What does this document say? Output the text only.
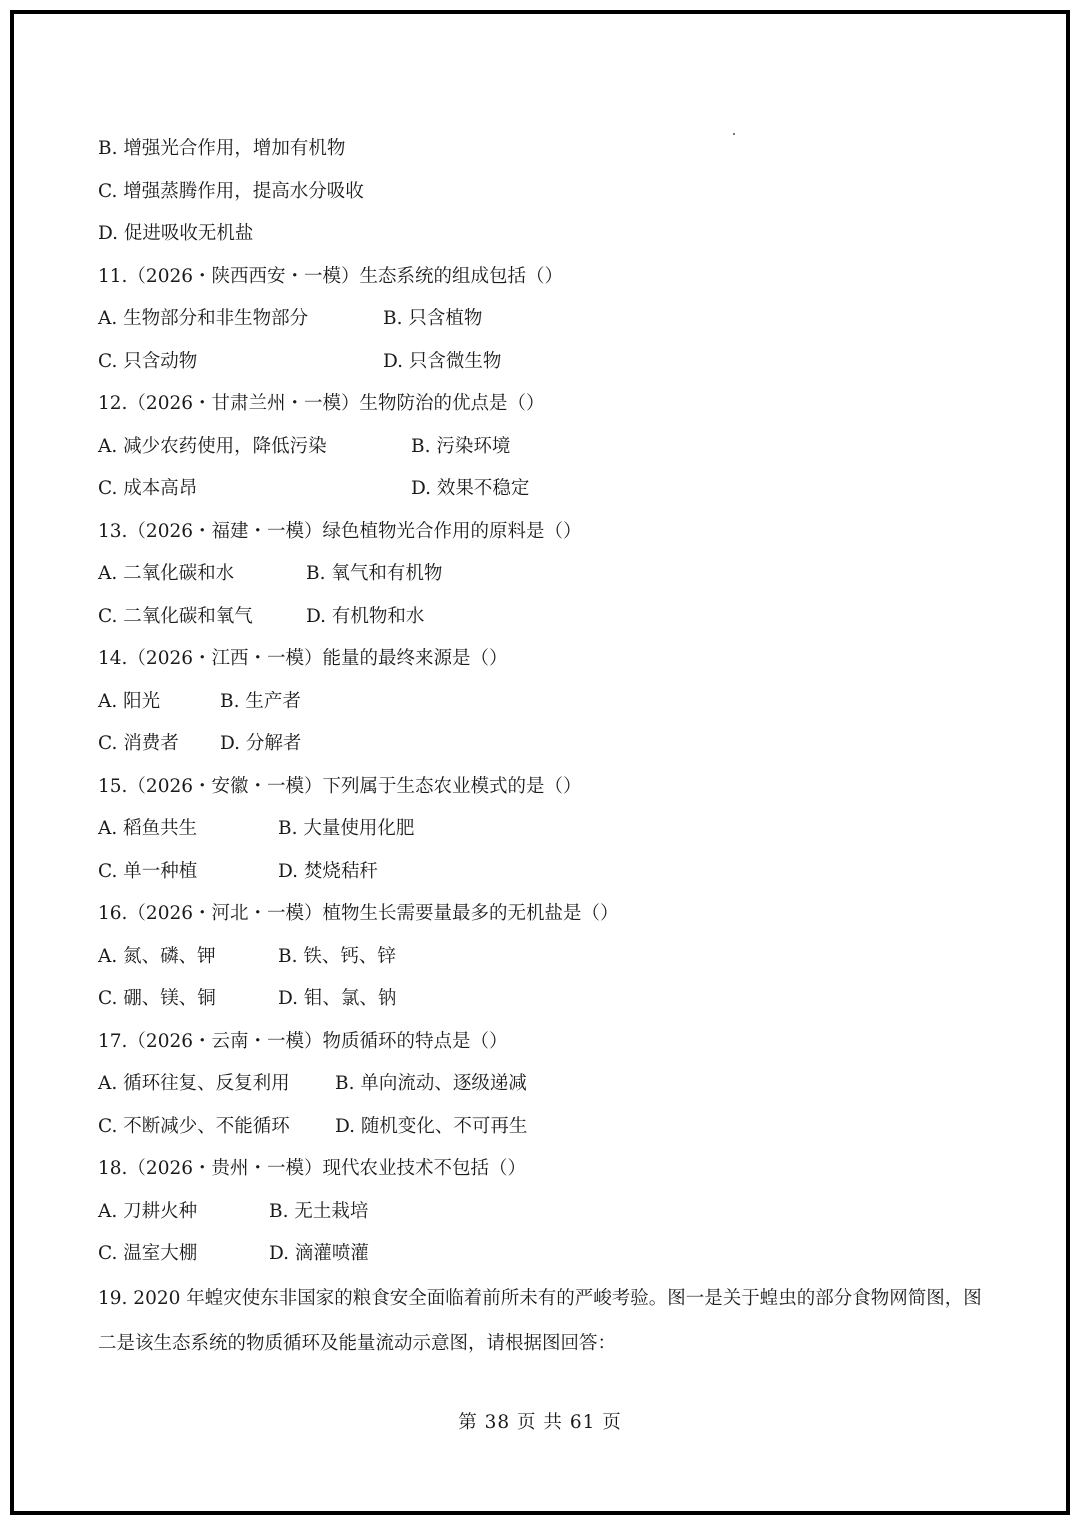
B. 增强光合作用，增加有机物
C. 增强蒸腾作用，提高水分吸收
D. 促进吸收无机盐
11.（2026・陕西西安・一模）生态系统的组成包括（）
A. 生物部分和非生物部分	B. 只含植物
C. 只含动物	D. 只含微生物
12.（2026・甘肃兰州・一模）生物防治的优点是（）
A. 减少农药使用，降低污染	B. 污染环境
C. 成本高昂	D. 效果不稳定
13.（2026・福建・一模）绿色植物光合作用的原料是（）
A. 二氧化碳和水	B. 氧气和有机物
C. 二氧化碳和氧气	D. 有机物和水
14.（2026・江西・一模）能量的最终来源是（）
A. 阳光	B. 生产者
C. 消费者 D. 分解者
15.（2026・安徽・一模）下列属于生态农业模式的是（）
A. 稻鱼共生	B. 大量使用化肥
C. 单一种植	D. 焚烧秸秆
16.（2026・河北・一模）植物生长需要量最多的无机盐是（）
A. 氮、磷、钾	B. 铁、钙、锌
C. 硼、镁、铜	D. 钼、氯、钠
17.（2026・云南・一模）物质循环的特点是（）
A. 循环往复、反复利用 B. 单向流动、逐级递减
C. 不断减少、不能循环 D. 随机变化、不可再生
18.（2026・贵州・一模）现代农业技术不包括（）
A. 刀耕火种	B. 无土栽培
C. 温室大棚	D. 滴灌喷灌
19. 2020 年蝗灾使东非国家的粮食安全面临着前所未有的严峻考验。图一是关于蝗虫的部分食物网简图，图
二是该生态系统的物质循环及能量流动示意图，请根据图回答：
第 38 页 共 61 页
